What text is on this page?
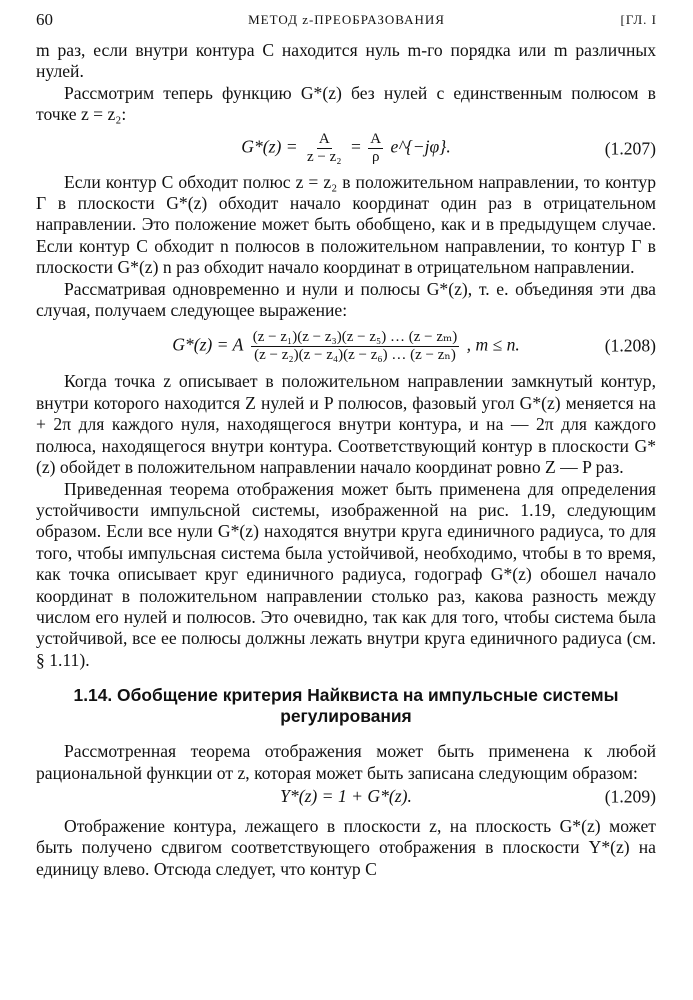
60	МЕТОД z-ПРЕОБРАЗОВАНИЯ	[ГЛ. I

m раз, если внутри контура C находится нуль m-го порядка или m различных нулей.

Рассмотрим теперь функцию G*(z) без нулей с единственным полюсом в точке z = z₂:

$G*(z) = \frac{A}{\text{z − z₂}} = \frac{A}{\rho}$ e^{−jφ}.	(1.207)

Если контур C обходит полюс z = z₂ в положительном направлении, то контур Г в плоскости G*(z) обходит начало координат один раз в отрицательном направлении. Это положение может быть обобщено, как и в предыдущем случае. Если контур C обходит n полюсов в положительном направлении, то контур Г в плоскости G*(z) n раз обходит начало координат в отрицательном направлении.

Рассматривая одновременно и нули и полюсы G*(z), т. е. объединяя эти два случая, получаем следующее выражение:

G*(z) = A $\frac{\text{(z − z₁)(z − z₃)(z − z₅) … (z − zₘ)}}{\text{(z − z₂)(z − z₄)(z − z₆) … (z − zₙ)}}$ , m ≤ n.	(1.208)

Когда точка z описывает в положительном направлении замкнутый контур, внутри которого находится Z нулей и P полюсов, фазовый угол G*(z) меняется на + 2π для каждого нуля, находящегося внутри контура, и на — 2π для каждого полюса, находящегося внутри контура. Соответствующий контур в плоскости G*(z) обойдет в положительном направлении начало координат ровно Z — P раз.

Приведенная теорема отображения может быть применена для определения устойчивости импульсной системы, изображенной на рис. 1.19, следующим образом. Если все нули G*(z) находятся внутри круга единичного радиуса, то для того, чтобы импульсная система была устойчивой, необходимо, чтобы в то время, как точка описывает круг единичного радиуса, годограф G*(z) обошел начало координат в положительном направлении столько раз, какова разность между числом его нулей и полюсов. Это очевидно, так как для того, чтобы система была устойчивой, все ее полюсы должны лежать внутри круга единичного радиуса (см. § 1.11).

1.14. Обобщение критерия Найквиста на импульсные системы регулирования

Рассмотренная теорема отображения может быть применена к любой рациональной функции от z, которая может быть записана следующим образом:

Y*(z) = 1 + G*(z).	(1.209)

Отображение контура, лежащего в плоскости z, на плоскость G*(z) может быть получено сдвигом соответствующего отображения в плоскости Y*(z) на единицу влево. Отсюда следует, что контур C
